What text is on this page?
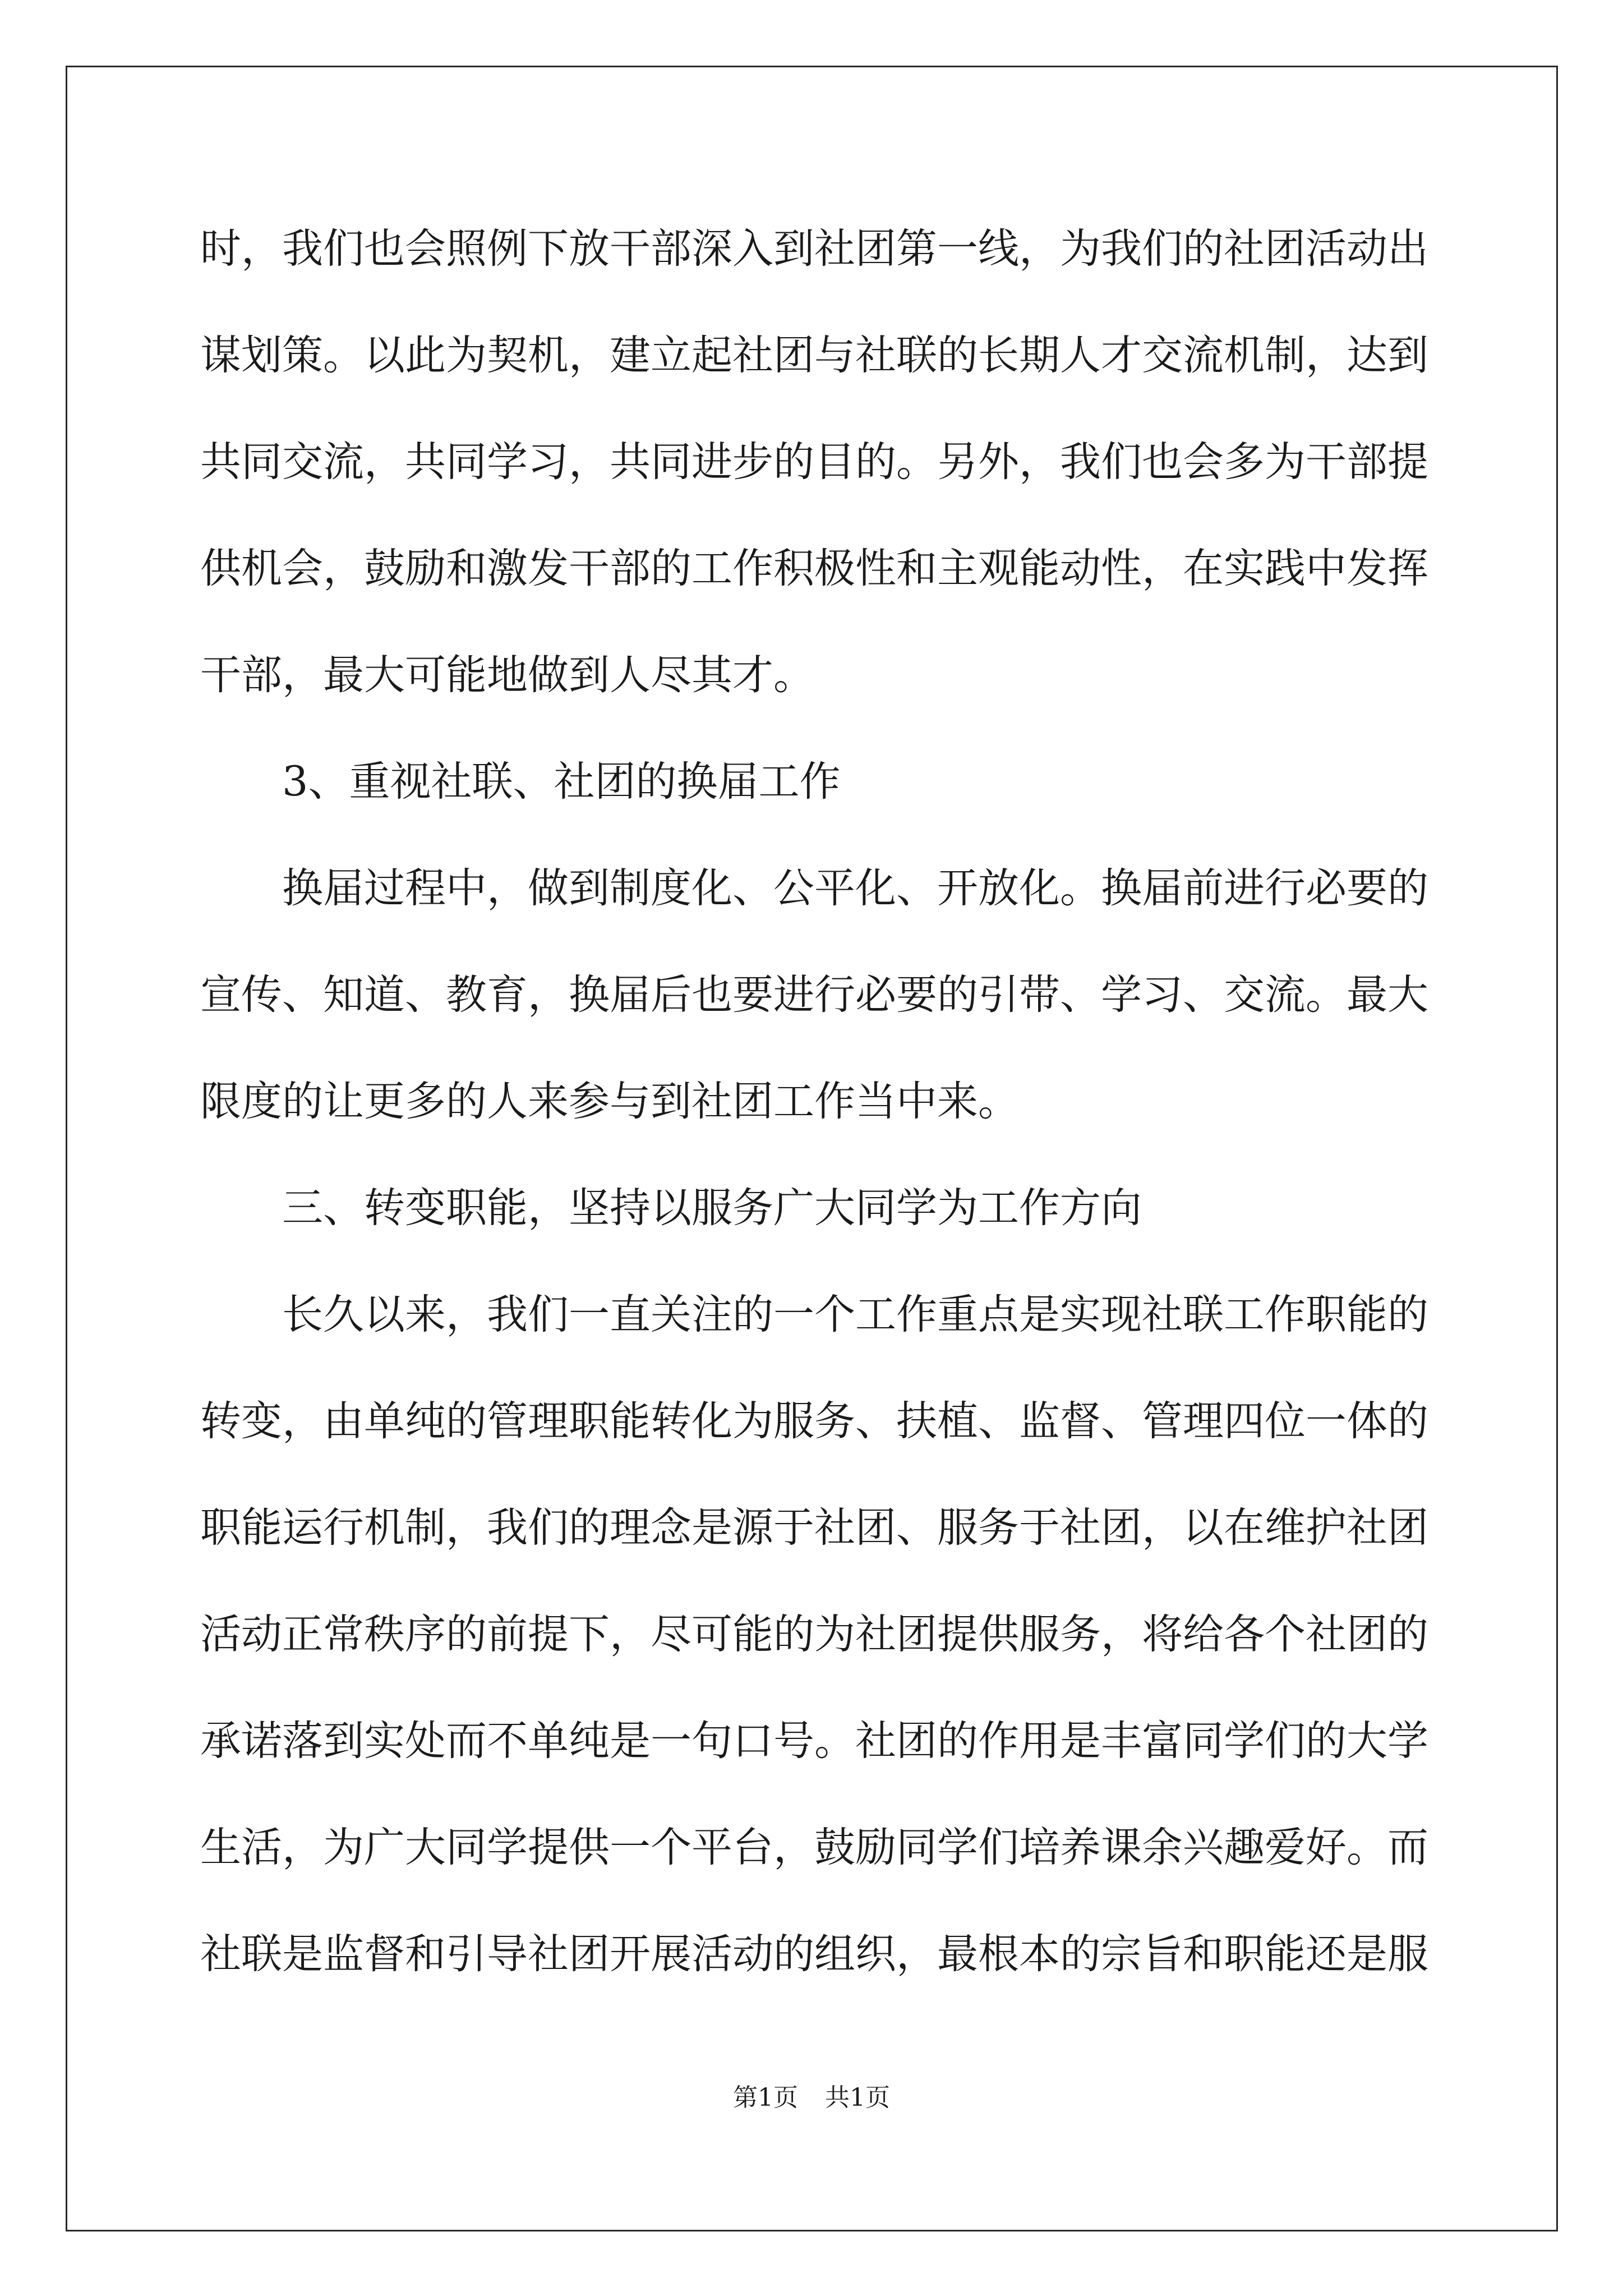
时，我们也会照例下放干部深入到社团第一线，为我们的社团活动出
谋划策。以此为契机，建立起社团与社联的长期人才交流机制，达到
共同交流，共同学习，共同进步的目的。另外，我们也会多为干部提
供机会，鼓励和激发干部的工作积极性和主观能动性，在实践中发挥
干部，最大可能地做到人尽其才。
3、重视社联、社团的换届工作
换届过程中，做到制度化、公平化、开放化。换届前进行必要的
宣传、知道、教育，换届后也要进行必要的引带、学习、交流。最大
限度的让更多的人来参与到社团工作当中来。
三、转变职能，坚持以服务广大同学为工作方向
长久以来，我们一直关注的一个工作重点是实现社联工作职能的
转变，由单纯的管理职能转化为服务、扶植、监督、管理四位一体的
职能运行机制，我们的理念是源于社团、服务于社团，以在维护社团
活动正常秩序的前提下，尽可能的为社团提供服务，将给各个社团的
承诺落到实处而不单纯是一句口号。社团的作用是丰富同学们的大学
生活，为广大同学提供一个平台，鼓励同学们培养课余兴趣爱好。而
社联是监督和引导社团开展活动的组织，最根本的宗旨和职能还是服
第1页 共1页
